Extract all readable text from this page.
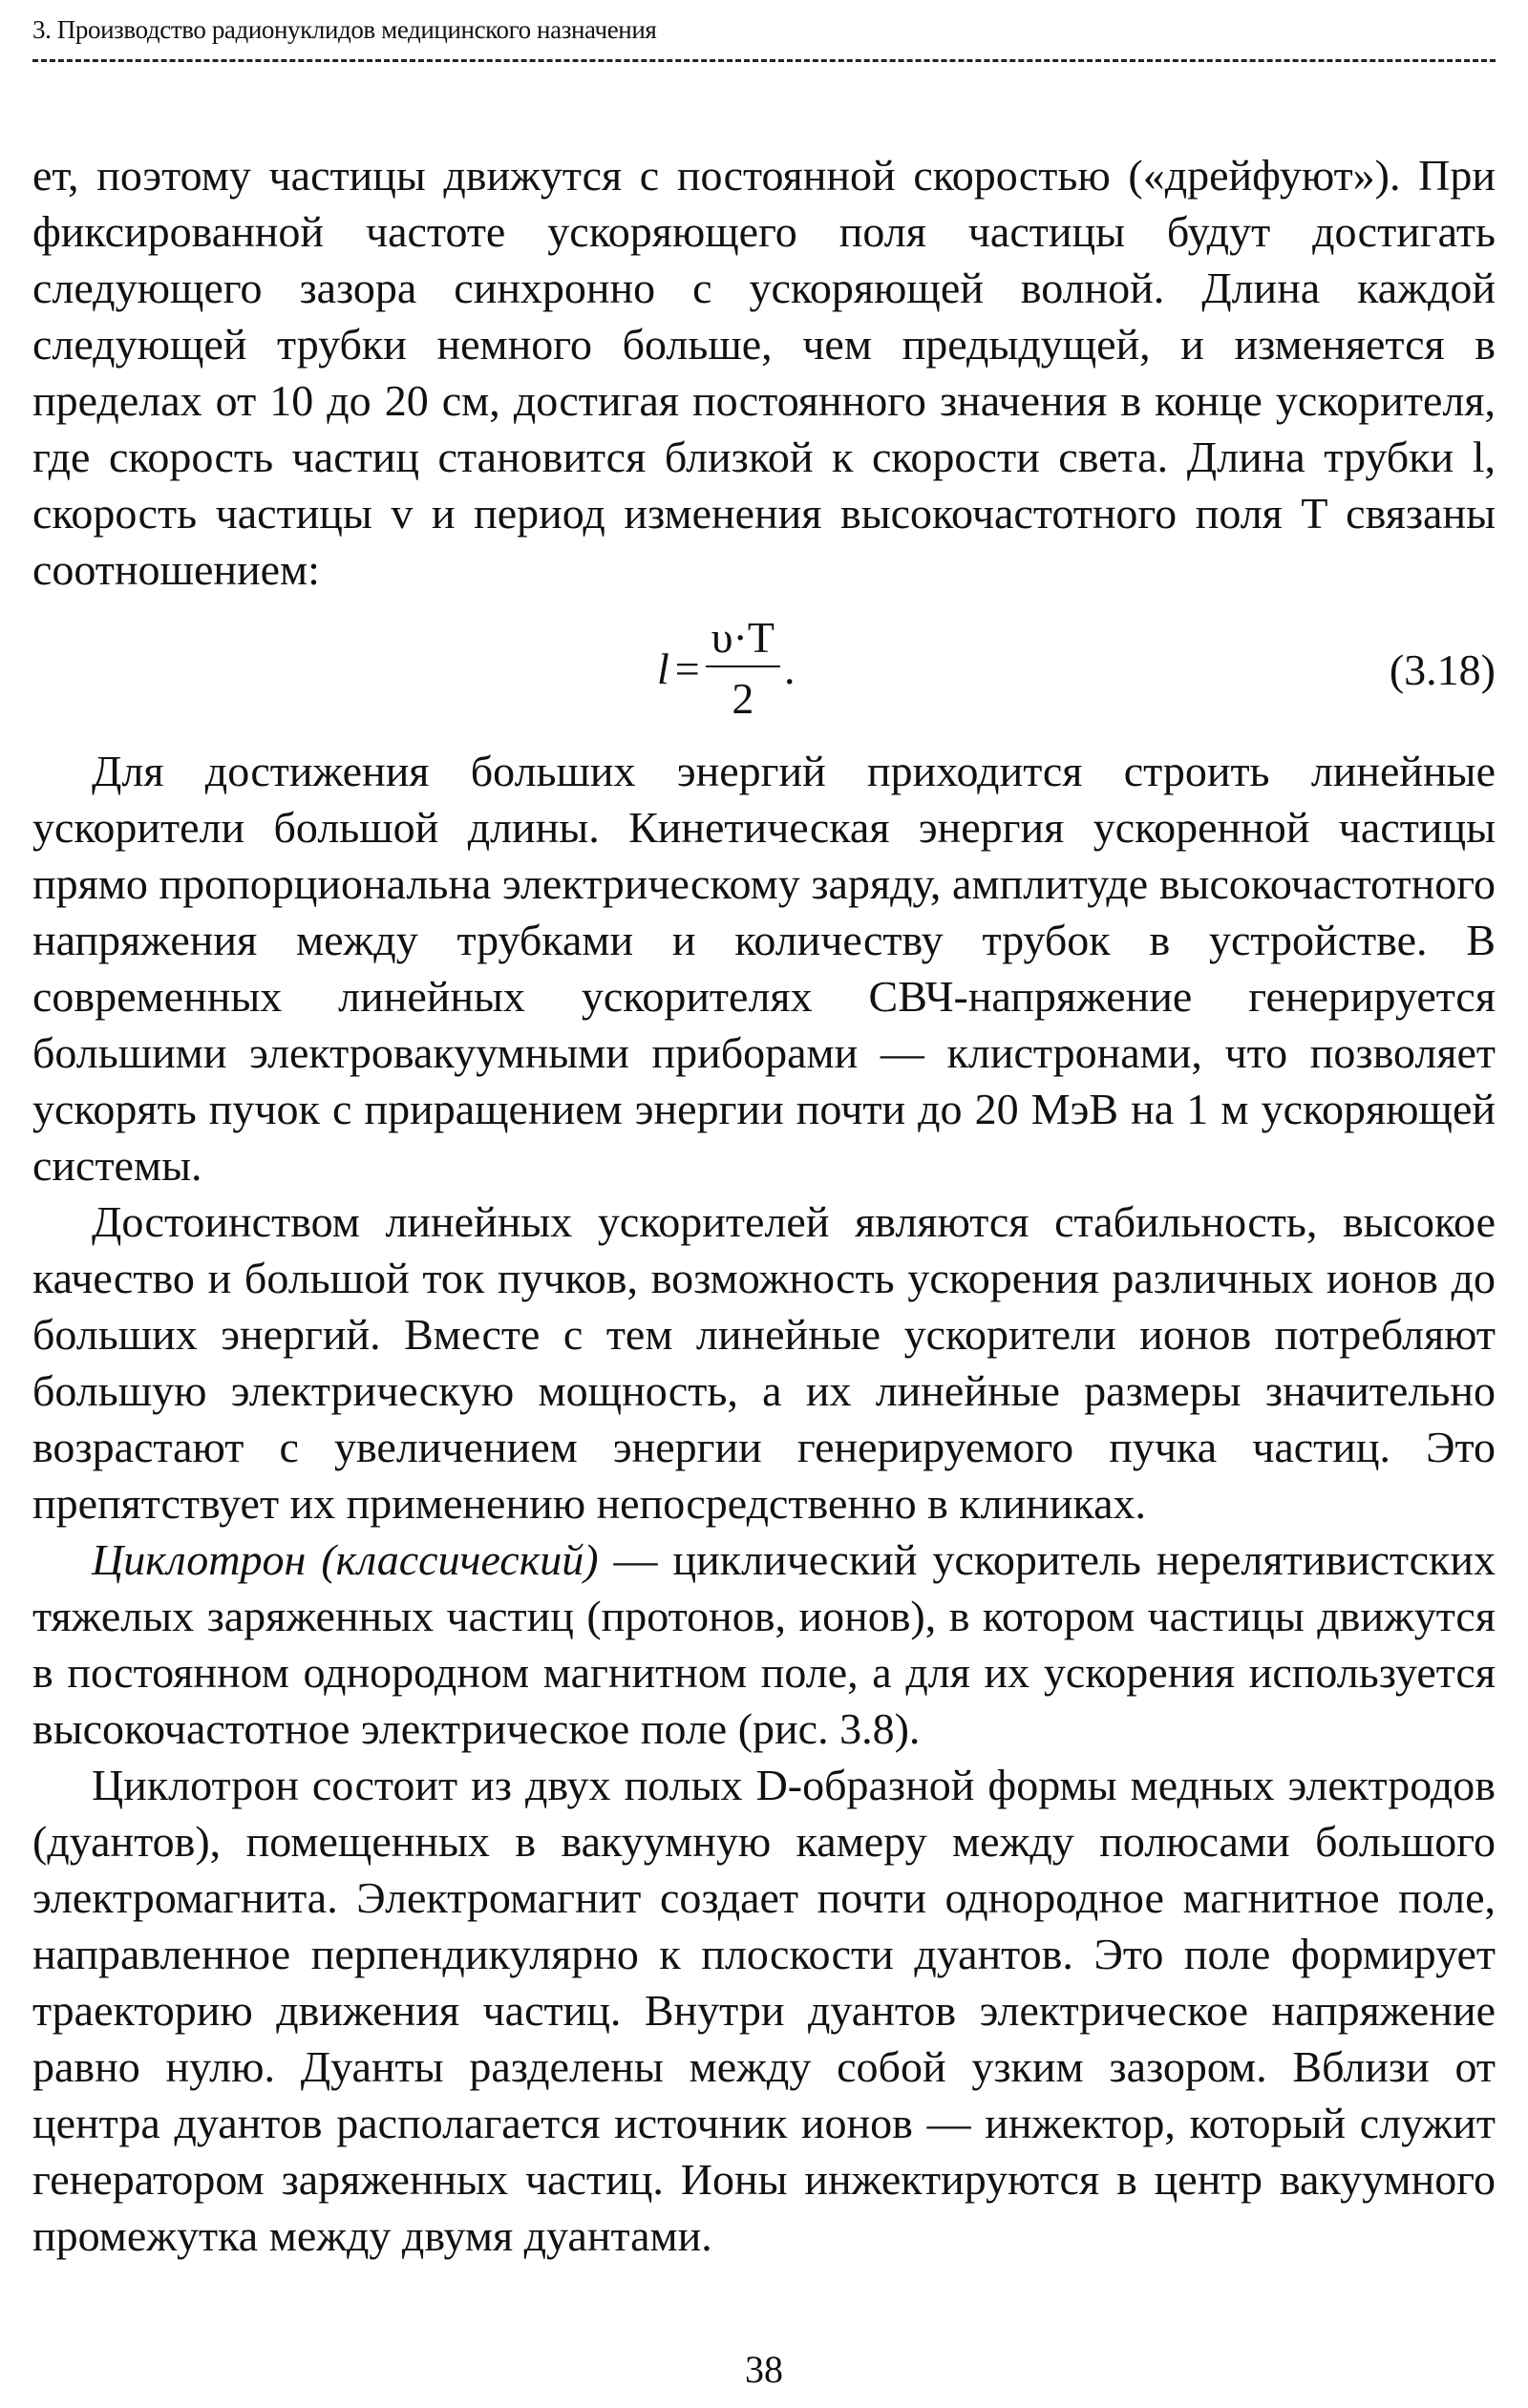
3. Производство радионуклидов медицинского назначения

ет, поэтому частицы движутся с постоянной скоростью («дрейфуют»). При фиксированной частоте ускоряющего поля частицы будут достигать следующего зазора синхронно с ускоряющей волной. Длина каждой следующей трубки немного больше, чем предыдущей, и изменяется в пределах от 10 до 20 см, достигая постоянного значения в конце ускорителя, где скорость частиц становится близкой к скорости света. Длина трубки l, скорость частицы v и период изменения высокочастотного поля T связаны соотношением:

$l = \frac{\upsilon\cdot T}{2}$ .	(3.18)

Для достижения больших энергий приходится строить линейные ускорители большой длины. Кинетическая энергия ускоренной частицы прямо пропорциональна электрическому заряду, амплитуде высокочастотного напряжения между трубками и количеству трубок в устройстве. В современных линейных ускорителях СВЧ-напряжение генерируется большими электровакуумными приборами — клистронами, что позволяет ускорять пучок с приращением энергии почти до 20 МэВ на 1 м ускоряющей системы.

Достоинством линейных ускорителей являются стабильность, высокое качество и большой ток пучков, возможность ускорения различных ионов до больших энергий. Вместе с тем линейные ускорители ионов потребляют большую электрическую мощность, а их линейные размеры значительно возрастают с увеличением энергии генерируемого пучка частиц. Это препятствует их применению непосредственно в клиниках.

Циклотрон (классический) — циклический ускоритель нерелятивистских тяжелых заряженных частиц (протонов, ионов), в котором частицы движутся в постоянном однородном магнитном поле, а для их ускорения используется высокочастотное электрическое поле (рис. 3.8).

Циклотрон состоит из двух полых D-образной формы медных электродов (дуантов), помещенных в вакуумную камеру между полюсами большого электромагнита. Электромагнит создает почти однородное магнитное поле, направленное перпендикулярно к плоскости дуантов. Это поле формирует траекторию движения частиц. Внутри дуантов электрическое напряжение равно нулю. Дуанты разделены между собой узким зазором. Вблизи от центра дуантов располагается источник ионов — инжектор, который служит генератором заряженных частиц. Ионы инжектируются в центр вакуумного промежутка между двумя дуантами.

38
